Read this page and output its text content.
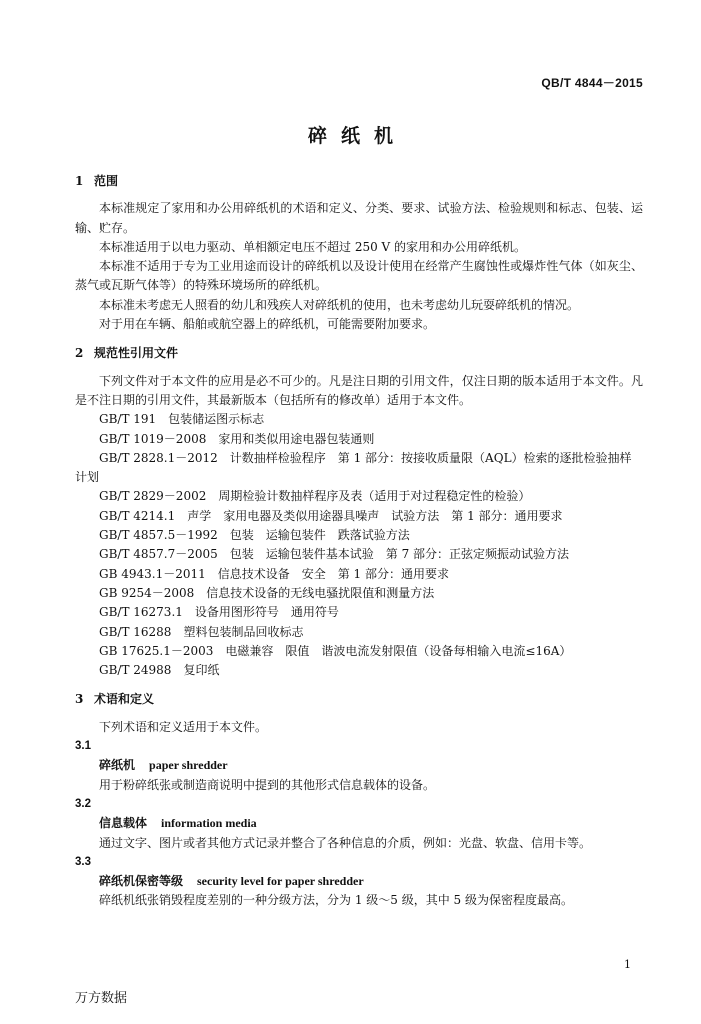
QB/T 4844－2015
碎纸机

1 范围

本标准规定了家用和办公用碎纸机的术语和定义、分类、要求、试验方法、检验规则和标志、包装、运输、贮存。

本标准适用于以电力驱动、单相额定电压不超过 250 V 的家用和办公用碎纸机。

本标准不适用于专为工业用途而设计的碎纸机以及设计使用在经常产生腐蚀性或爆炸性气体（如灰尘、蒸气或瓦斯气体等）的特殊环境场所的碎纸机。

本标准未考虑无人照看的幼儿和残疾人对碎纸机的使用，也未考虑幼儿玩耍碎纸机的情况。

对于用在车辆、船舶或航空器上的碎纸机，可能需要附加要求。

2 规范性引用文件

下列文件对于本文件的应用是必不可少的。凡是注日期的引用文件，仅注日期的版本适用于本文件。凡是不注日期的引用文件，其最新版本（包括所有的修改单）适用于本文件。

GB/T 191　包装储运图示标志

GB/T 1019－2008　家用和类似用途电器包装通则

GB/T 2828.1－2012　计数抽样检验程序　第 1 部分：按接收质量限（AQL）检索的逐批检验抽样计划

GB/T 2829－2002　周期检验计数抽样程序及表（适用于对过程稳定性的检验）

GB/T 4214.1　声学　家用电器及类似用途器具噪声　试验方法　第 1 部分：通用要求

GB/T 4857.5－1992　包装　运输包装件　跌落试验方法

GB/T 4857.7－2005　包装　运输包装件基本试验　第 7 部分：正弦定频振动试验方法

GB 4943.1－2011　信息技术设备　安全　第 1 部分：通用要求

GB 9254－2008　信息技术设备的无线电骚扰限值和测量方法

GB/T 16273.1　设备用图形符号　通用符号

GB/T 16288　塑料包装制品回收标志

GB 17625.1－2003　电磁兼容　限值　谐波电流发射限值（设备每相输入电流≤16A）

GB/T 24988　复印纸

3 术语和定义

下列术语和定义适用于本文件。

3.1

碎纸机 paper shredder

用于粉碎纸张或制造商说明中提到的其他形式信息载体的设备。

3.2

信息载体 information media

通过文字、图片或者其他方式记录并整合了各种信息的介质，例如：光盘、软盘、信用卡等。

3.3

碎纸机保密等级 security level for paper shredder

碎纸机纸张销毁程度差别的一种分级方法，分为 1 级～5 级，其中 5 级为保密程度最高。

1
万方数据
